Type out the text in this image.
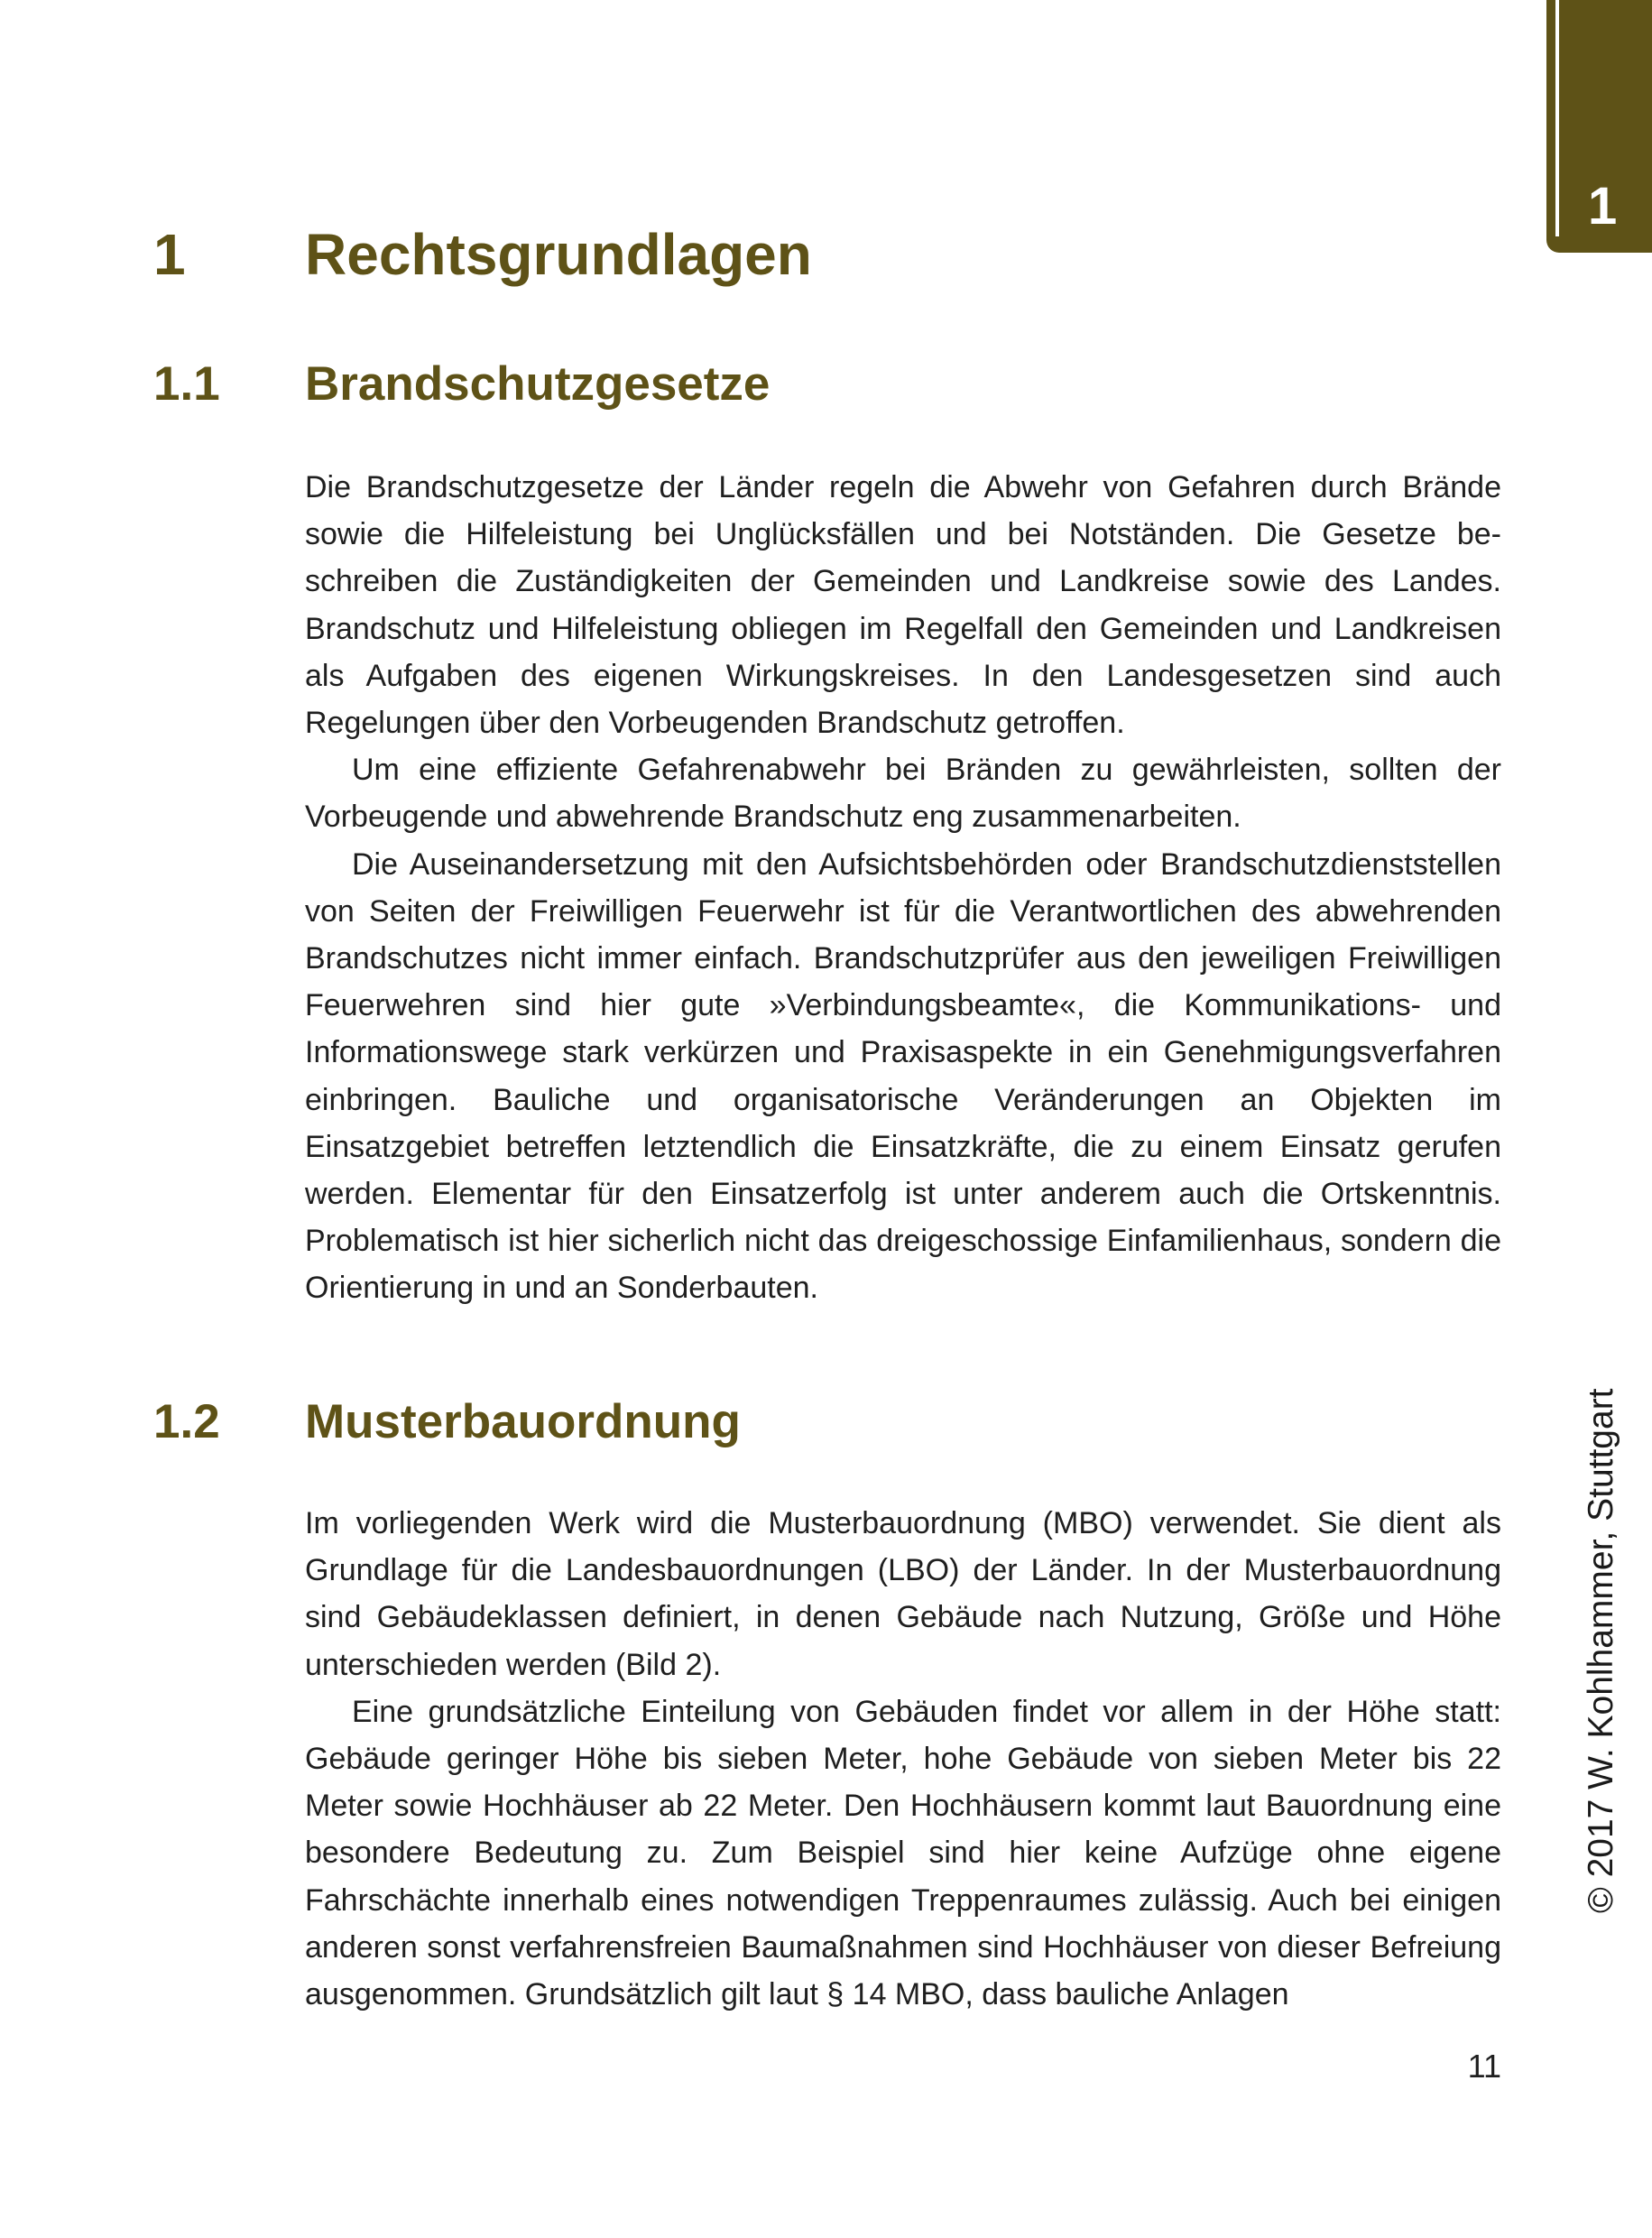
1
1 Rechtsgrundlagen
1.1 Brandschutzgesetze

Die Brandschutzgesetze der Länder regeln die Abwehr von Gefahren durch Brände sowie die Hilfeleistung bei Unglücksfällen und bei Notständen. Die Gesetze beschreiben die Zuständigkeiten der Gemeinden und Landkreise sowie des Landes. Brandschutz und Hilfeleistung obliegen im Regelfall den Gemeinden und Landkreisen als Aufgaben des eigenen Wirkungskreises. In den Landesgesetzen sind auch Regelungen über den Vorbeugenden Brandschutz getroffen.

Um eine effiziente Gefahrenabwehr bei Bränden zu gewährleisten, sollten der Vorbeugende und abwehrende Brandschutz eng zusammenarbeiten.

Die Auseinandersetzung mit den Aufsichtsbehörden oder Brandschutzdienststellen von Seiten der Freiwilligen Feuerwehr ist für die Verantwortlichen des abwehrenden Brandschutzes nicht immer einfach. Brandschutzprüfer aus den jeweiligen Freiwilligen Feuerwehren sind hier gute »Verbindungsbeamte«, die Kommunikations- und Informationswege stark verkürzen und Praxisaspekte in ein Genehmigungsverfahren einbringen. Bauliche und organisatorische Veränderungen an Objekten im Einsatzgebiet betreffen letztendlich die Einsatzkräfte, die zu einem Einsatz gerufen werden. Elementar für den Einsatzerfolg ist unter anderem auch die Ortskenntnis. Problematisch ist hier sicherlich nicht das dreigeschossige Einfamilienhaus, sondern die Orientierung in und an Sonderbauten.

1.2 Musterbauordnung

Im vorliegenden Werk wird die Musterbauordnung (MBO) verwendet. Sie dient als Grundlage für die Landesbauordnungen (LBO) der Länder. In der Musterbauordnung sind Gebäudeklassen definiert, in denen Gebäude nach Nutzung, Größe und Höhe unterschieden werden (Bild 2).

Eine grundsätzliche Einteilung von Gebäuden findet vor allem in der Höhe statt: Gebäude geringer Höhe bis sieben Meter, hohe Gebäude von sieben Meter bis 22 Meter sowie Hochhäuser ab 22 Meter. Den Hochhäusern kommt laut Bauordnung eine besondere Bedeutung zu. Zum Beispiel sind hier keine Aufzüge ohne eigene Fahrschächte innerhalb eines notwendigen Treppenraumes zulässig. Auch bei einigen anderen sonst verfahrensfreien Baumaßnahmen sind Hochhäuser von dieser Befreiung ausgenommen. Grundsätzlich gilt laut § 14 MBO, dass bauliche Anlagen

© 2017 W. Kohlhammer, Stuttgart
11
